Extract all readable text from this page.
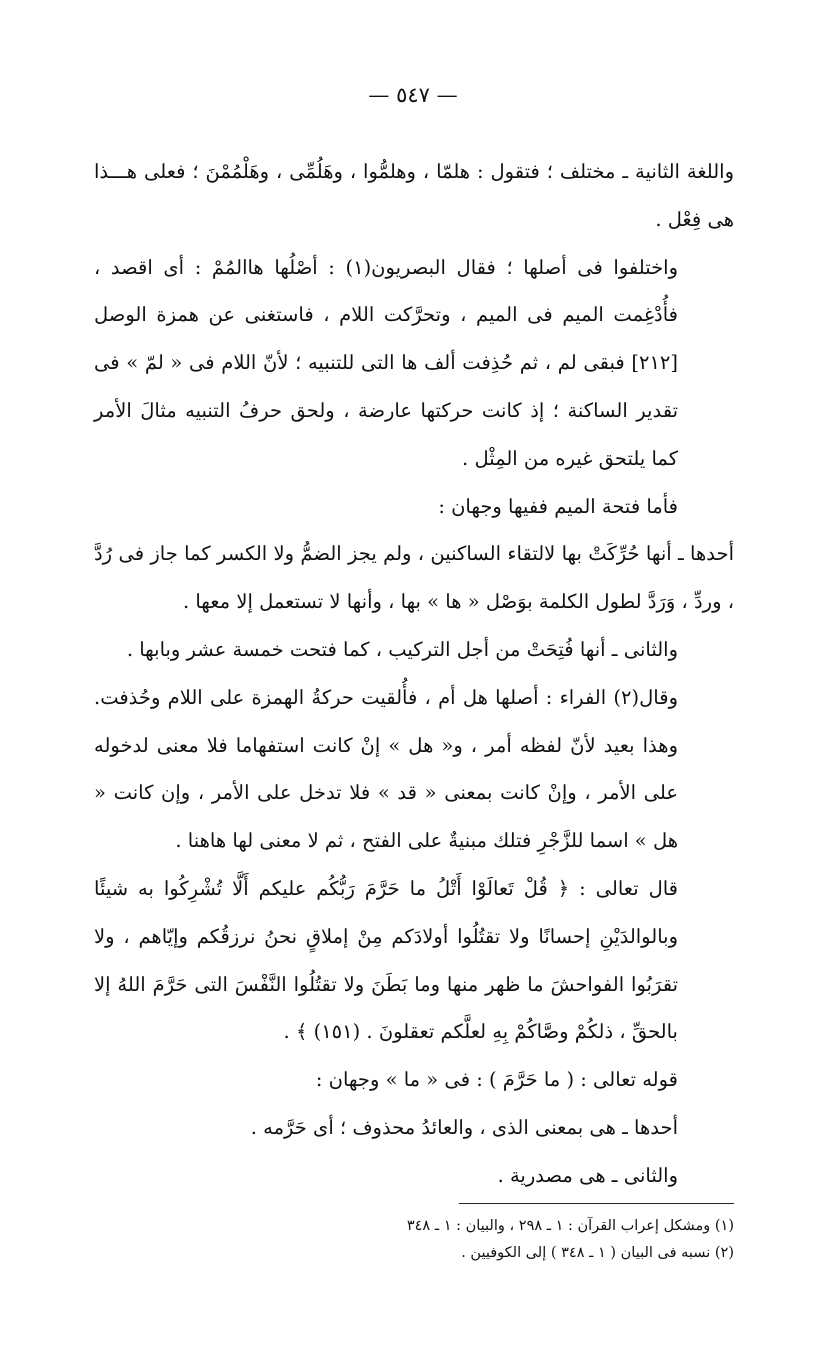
— ٥٤٧ —

واللغة الثانية ـ مختلف ؛ فتقول : هلمّا ، وهلمُّوا ، وهَلُمِّى ، وهَلْمُمْنَ ؛ فعلى هـــذا هى فِعْل .

واختلفوا فى أصلها ؛ فقال البصريون(١) : أصْلُها هاالمُمْ : أى اقصد ، فأُدْغِمت الميم فى الميم ، وتحرَّكت اللام ، فاستغنى عن همزة الوصل [٢١٢] فبقى لم ، ثم حُذِفت ألف ها التى للتنبيه ؛ لأنّ اللام فى « لمّ » فى تقدير الساكنة ؛ إذ كانت حركتها عارضة ، ولحق حرفُ التنبيه مثالَ الأمر كما يلتحق غيره من المِثْل .

فأما فتحة الميم ففيها وجهان :

أحدها ـ أنها حُرِّكَتْ بها لالتقاء الساكنين ، ولم يجز الضمُّ ولا الكسر كما جاز فى رُدَّ ، وردِّ ، وَرَدَّ لطول الكلمة بوَصْل « ها » بها ، وأنها لا تستعمل إلا معها .

والثانى ـ أنها فُتِحَتْ من أجل التركيب ، كما فتحت خمسة عشر وبابها .

وقال(٢) الفراء : أصلها هل أم ، فأُلقيت حركةُ الهمزة على اللام وحُذفت. وهذا بعيد لأنّ لفظه أمر ، و« هل » إنْ كانت استفهاما فلا معنى لدخوله على الأمر ، وإنْ كانت بمعنى « قد » فلا تدخل على الأمر ، وإن كانت « هل » اسما للزَّجْرِ فتلك مبنيةٌ على الفتح ، ثم لا معنى لها هاهنا .

قال تعالى : ﴿ قُلْ تَعالَوْا أَتْلُ ما حَرَّمَ رَبُّكُم عليكم أَلَّا تُشْرِكُوا به شيئًا وبالوالدَيْنِ إحسانًا ولا تقتُلُوا أولادَكم مِنْ إملاقٍ نحنُ نرزقُكم وإيّاهم ، ولا تقرَبُوا الفواحشَ ما ظهر منها وما بَطَنَ ولا تقتُلُوا النَّفْسَ التى حَرَّمَ اللهُ إلا بالحقِّ ، ذلكُمْ وصَّاكُمْ بِهِ لعلَّكم تعقلونَ . (١٥١) ﴾ .

قوله تعالى : ( ما حَرَّمَ ) : فى « ما » وجهان :

أحدها ـ هى بمعنى الذى ، والعائدُ محذوف ؛ أى حَرَّمه .

والثانى ـ هى مصدرية .

(١) ومشكل إعراب القرآن : ١ ـ ٢٩٨ ، والبيان : ١ ـ ٣٤٨

(٢) نسبه فى البيان ( ١ ـ ٣٤٨ ) إلى الكوفيين .
